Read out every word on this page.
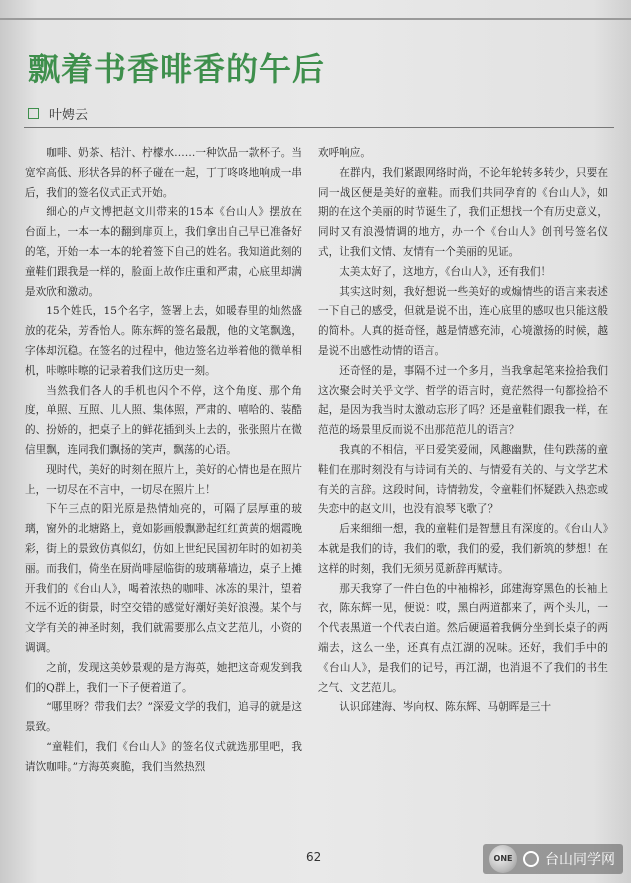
飘着书香啡香的午后
叶娉云

咖啡、奶茶、桔汁、柠檬水……一种饮品一款杯子。当宽窄高低、形状各异的杯子碰在一起，丁丁咚咚地响成一串后，我们的签名仪式正式开始。

细心的卢文博把赵文川带来的15本《台山人》摆放在台面上，一本一本的翻到扉页上，我们拿出自己早已准备好的笔，开始一本一本的轮着签下自己的姓名。我知道此刻的童鞋们跟我是一样的，脸面上故作庄重和严肃，心底里却满是欢欣和激动。

15个姓氏，15个名字，签署上去，如暖春里的灿然盛放的花朵，芳香怡人。陈东辉的签名最靓，他的文笔飘逸，字体却沉稳。在签名的过程中，他边签名边举着他的微单相机，咔嚓咔嚓的记录着我们这历史一刻。

当然我们各人的手机也闪个不停，这个角度、那个角度，单照、互照、儿人照、集体照，严肃的、嘻哈的、装酷的、扮娇的，把桌子上的鲜花插到头上去的，张张照片在微信里飘，连同我们飘扬的笑声，飘荡的心语。

现时代，美好的时刻在照片上，美好的心情也是在照片上，一切尽在不言中，一切尽在照片上！

下午三点的阳光原是热情灿亮的，可隔了层厚重的玻璃，窗外的北塘路上，竟如影画般飘渺起红红黄黄的烟霞晚彩，街上的景致仿真似幻，仿如上世纪民国初年时的如初美丽。而我们，倚坐在厨尚啡屋临街的玻璃幕墙边，桌子上摊开我们的《台山人》，喝着浓热的咖啡、冰冻的果汁，望着不远不近的街景，时空交错的感觉好潮好美好浪漫。某个与文学有关的神圣时刻，我们就需要那么点文艺范儿，小资的调调。

之前，发现这美妙景观的是方海英，她把这奇观发到我们的Q群上，我们一下子便着道了。

“哪里呀？带我们去？”深爱文学的我们，追寻的就是这景致。

“童鞋们，我们《台山人》的签名仪式就选那里吧，我请饮咖啡。”方海英爽脆，我们当然热烈

欢呼响应。

在群内，我们紧跟网络时尚，不论年轮转多转少，只要在同一战区便是美好的童鞋。而我们共同孕育的《台山人》，如期的在这个美丽的时节诞生了，我们正想找一个有历史意义，同时又有浪漫情调的地方，办一个《台山人》创刊号签名仪式，让我们文情、友情有一个美丽的见证。

太美太好了，这地方，《台山人》，还有我们！

其实这时刻，我好想说一些美好的或煽情些的语言来表述一下自己的感受，但就是说不出，连心底里的感叹也只能这般的简朴。人真的挺奇怪，越是情感充沛，心境激扬的时候，越是说不出感性动情的语言。

还奇怪的是，事隔不过一个多月，当我拿起笔来捡拾我们这次聚会时关乎文学、哲学的语言时，竟茫然得一句都捡拾不起，是因为我当时太激动忘形了吗？还是童鞋们跟我一样，在范范的场景里反而说不出那范范儿的语言？

我真的不相信，平日爱笑爱闹，风趣幽默，佳句跌荡的童鞋们在那时刻没有与诗词有关的、与情爱有关的、与文学艺术有关的言辞。这段时间，诗情勃发，令童鞋们怀疑跌入热恋或失恋中的赵文川，也没有浪琴飞歌了？

后来细细一想，我的童鞋们是智慧且有深度的。《台山人》本就是我们的诗，我们的歌，我们的爱，我们新筑的梦想！在这样的时刻，我们无须另觅新辞再赋诗。

那天我穿了一件白色的中袖棉衫，邱建海穿黑色的长袖上衣，陈东辉一见，便说：哎，黑白两道都来了，两个头儿，一个代表黑道一个代表白道。然后硬逼着我俩分坐到长桌子的两端去，这么一坐，还真有点江湖的况味。还好，我们手中的《台山人》，是我们的记号，再江湖，也消退不了我们的书生之气、文艺范儿。

认识邱建海、岑向权、陈东辉、马朝晖是三十

62	ONE	台山同学网
